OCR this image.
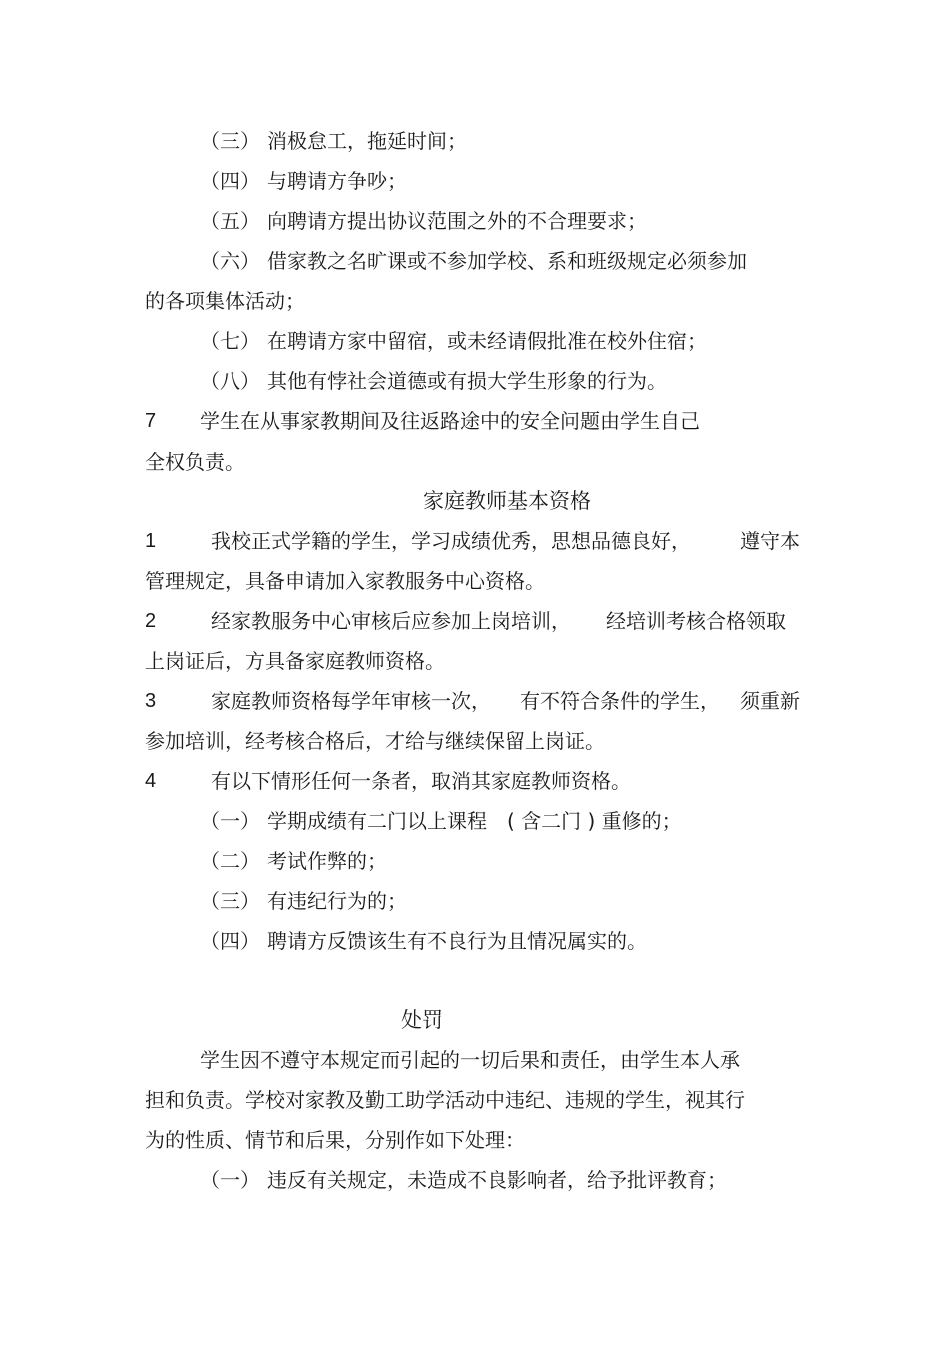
（三） 消极怠工，拖延时间；
（四） 与聘请方争吵；
（五） 向聘请方提出协议范围之外的不合理要求；
（六） 借家教之名旷课或不参加学校、系和班级规定必须参加
的各项集体活动；
（七） 在聘请方家中留宿，或未经请假批准在校外住宿；
（八） 其他有悖社会道德或有损大学生形象的行为。
7 学生在从事家教期间及往返路途中的安全问题由学生自己
全权负责。
家庭教师基本资格
1	我校正式学籍的学生，学习成绩优秀，思想品德良好， 遵守本
管理规定，具备申请加入家教服务中心资格。
2	经家教服务中心审核后应参加上岗培训， 经培训考核合格领取
上岗证后，方具备家庭教师资格。
3	家庭教师资格每学年审核一次， 有不符合条件的学生， 须重新
参加培训，经考核合格后，才给与继续保留上岗证。
4	有以下情形任何一条者，取消其家庭教师资格。
（一） 学期成绩有二门以上课程　( 含二门 ) 重修的；
（二） 考试作弊的；
（三） 有违纪行为的；
（四） 聘请方反馈该生有不良行为且情况属实的。
处罚
学生因不遵守本规定而引起的一切后果和责任，由学生本人承
担和负责。学校对家教及勤工助学活动中违纪、违规的学生，视其行
为的性质、情节和后果，分别作如下处理：
（一） 违反有关规定，未造成不良影响者，给予批评教育；
